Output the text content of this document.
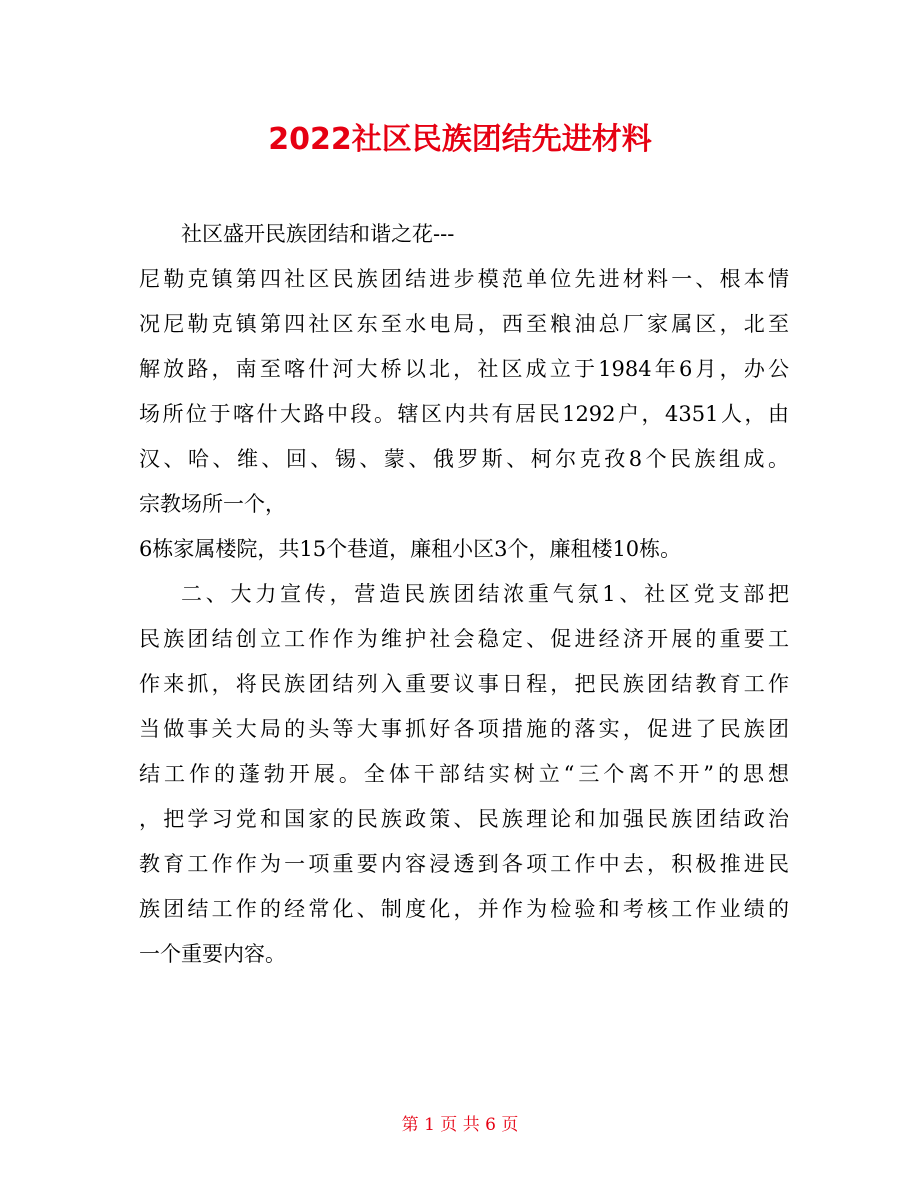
2022社区民族团结先进材料
社区盛开民族团结和谐之花---
尼勒克镇第四社区民族团结进步模范单位先进材料一、根本情
况尼勒克镇第四社区东至水电局，西至粮油总厂家属区，北至
解放路，南至喀什河大桥以北，社区成立于1984年6月，办公
场所位于喀什大路中段。辖区内共有居民1292户，4351人，由
汉、哈、维、回、锡、蒙、俄罗斯、柯尔克孜8个民族组成。
宗教场所一个，
6栋家属楼院，共15个巷道，廉租小区3个，廉租楼10栋。
二、大力宣传，营造民族团结浓重气氛1、社区党支部把
民族团结创立工作作为维护社会稳定、促进经济开展的重要工
作来抓，将民族团结列入重要议事日程，把民族团结教育工作
当做事关大局的头等大事抓好各项措施的落实，促进了民族团
结工作的蓬勃开展。全体干部结实树立“三个离不开”的思想
，把学习党和国家的民族政策、民族理论和加强民族团结政治
教育工作作为一项重要内容浸透到各项工作中去，积极推进民
族团结工作的经常化、制度化，并作为检验和考核工作业绩的
一个重要内容。
第 1 页 共 6 页
